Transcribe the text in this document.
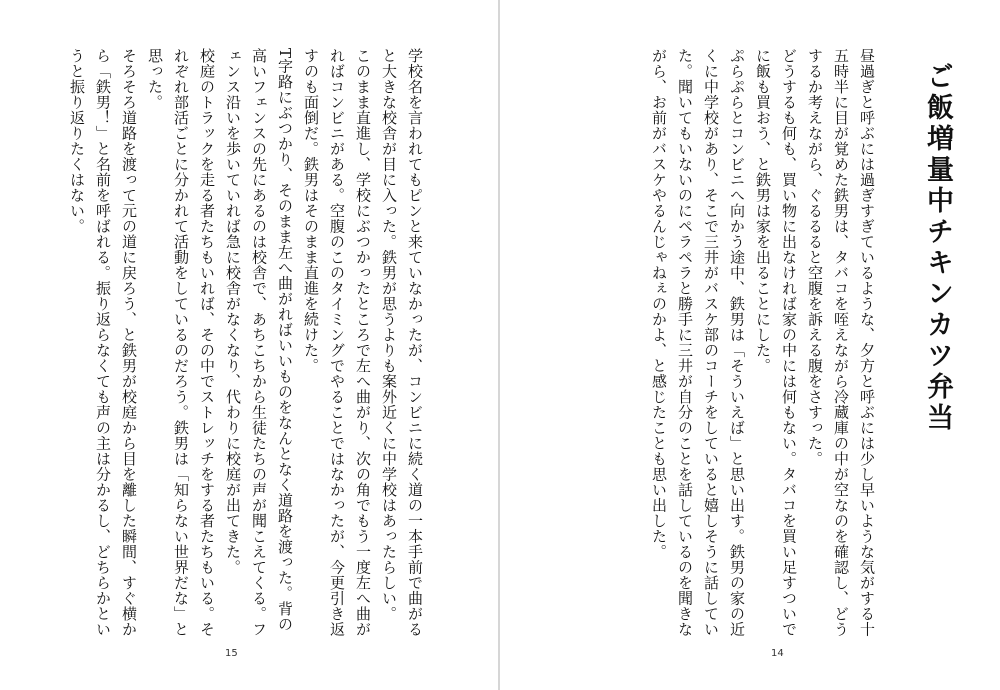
学校名を言われてもピンと来ていなかったが、コンビニに続く道の一本手前で曲がると大きな校舎が目に入った。鉄男が思うよりも案外近くに中学校はあったらしい。

このまま直進し、学校にぶつかったところで左へ曲がり、次の角でもう一度左へ曲がればコンビニがある。空腹のこのタイミングでやることではなかったが、今更引き返すのも面倒だ。鉄男はそのまま直進を続けた。

T字路にぶつかり、そのまま左へ曲がればいいものをなんとなく道路を渡った。背の高いフェンスの先にあるのは校舎で、あちこちから生徒たちの声が聞こえてくる。フェンス沿いを歩いていれば急に校舎がなくなり、代わりに校庭が出てきた。

校庭のトラックを走る者たちもいれば、その中でストレッチをする者たちもいる。それぞれ部活ごとに分かれて活動をしているのだろう。鉄男は「知らない世界だな」と思った。

そろそろ道路を渡って元の道に戻ろう、と鉄男が校庭から目を離した瞬間、すぐ横から「鉄男！」と名前を呼ばれる。振り返らなくても声の主は分かるし、どちらかというと振り返りたくはない。

15
ご飯増量中チキンカツ弁当

昼過ぎと呼ぶには過ぎすぎているような、夕方と呼ぶには少し早いような気がする十五時半に目が覚めた鉄男は、タバコを咥えながら冷蔵庫の中が空なのを確認し、どうするか考えながら、ぐるるると空腹を訴える腹をさすった。

どうするも何も、買い物に出なければ家の中には何もない。タバコを買い足すついでに飯も買おう、と鉄男は家を出ることにした。

ぷらぷらとコンビニへ向かう途中、鉄男は「そういえば」と思い出す。鉄男の家の近くに中学校があり、そこで三井がバスケ部のコーチをしていると嬉しそうに話していた。聞いてもいないのにペラペラと勝手に三井が自分のことを話しているのを聞きながら、お前がバスケやるんじゃねぇのかよ、と感じたことも思い出した。

14
